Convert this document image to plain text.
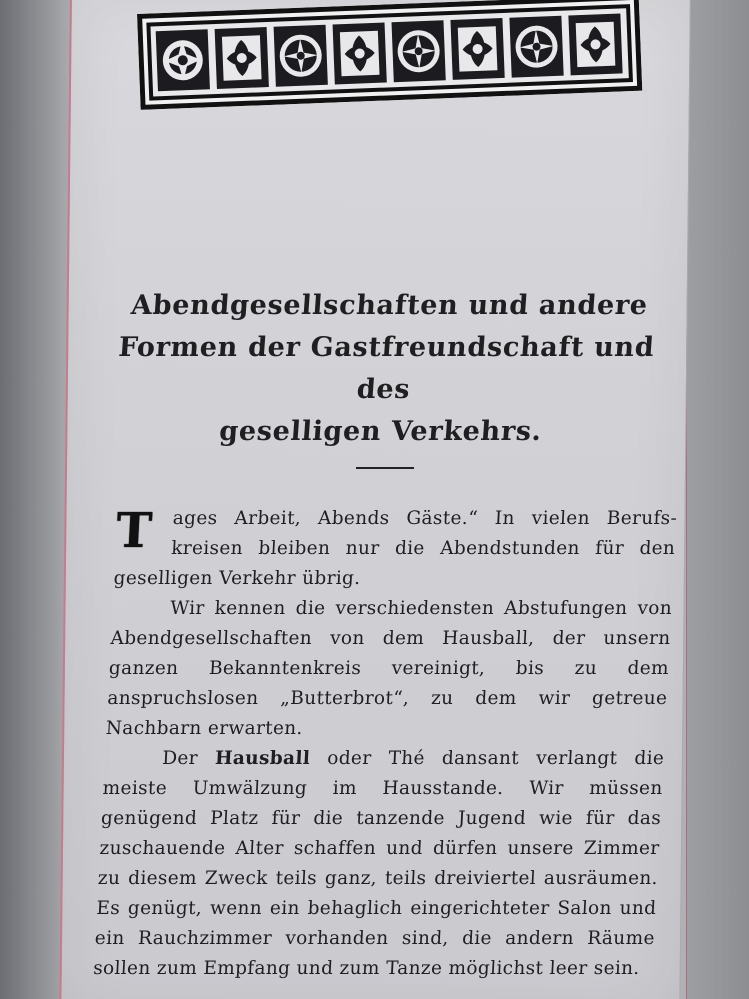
Abendgesellschaften und andere
Formen der Gastfreundschaft und des
geselligen Verkehrs.

T	ages Arbeit, Abends Gäste.“ In vielen Berufskreisen bleiben nur die Abendstunden für den geselligen Verkehr übrig.

Wir kennen die verschiedensten Abstufungen von Abendgesellschaften von dem Hausball, der unsern ganzen Bekanntenkreis vereinigt, bis zu dem anspruchslosen „Butterbrot“, zu dem wir getreue Nachbarn erwarten.

Der Hausball oder Thé dansant verlangt die meiste Umwälzung im Hausstande. Wir müssen genügend Platz für die tanzende Jugend wie für das zuschauende Alter schaffen und dürfen unsere Zimmer zu diesem Zweck teils ganz, teils dreiviertel ausräumen. Es genügt, wenn ein behaglich eingerichteter Salon und ein Rauchzimmer vorhanden sind, die andern Räume sollen zum Empfang und zum Tanze möglichst leer sein.
